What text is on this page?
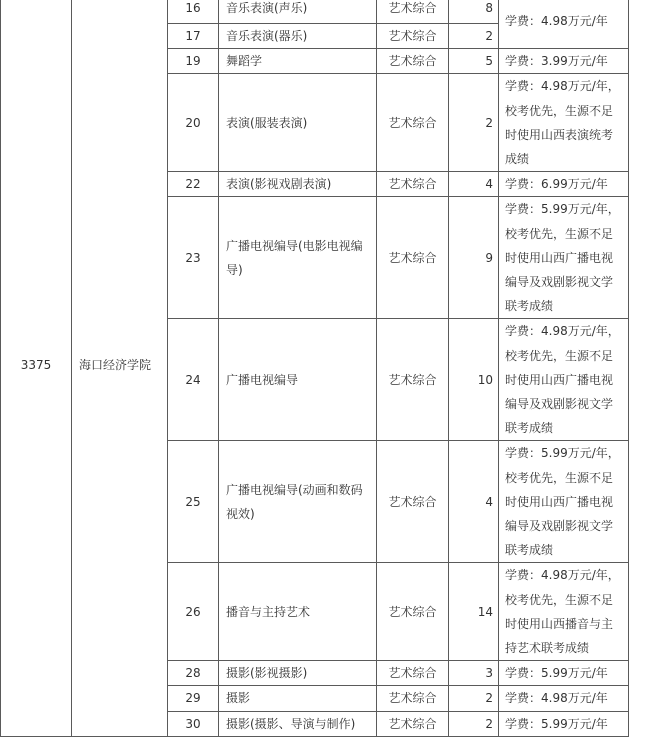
3375	海口经济学院	16	音乐表演(声乐)	艺术综合	8	学费：4.98万元/年
		17	音乐表演(器乐)	艺术综合	2	
		19	舞蹈学	艺术综合	5	学费：3.99万元/年
		20	表演(服装表演)	艺术综合	2	学费：4.98万元/年，校考优先，生源不足时使用山西表演统考成绩
		22	表演(影视戏剧表演)	艺术综合	4	学费：6.99万元/年
		23	广播电视编导(电影电视编导)	艺术综合	9	学费：5.99万元/年，校考优先，生源不足时使用山西广播电视编导及戏剧影视文学联考成绩
		24	广播电视编导	艺术综合	10	学费：4.98万元/年，校考优先，生源不足时使用山西广播电视编导及戏剧影视文学联考成绩
		25	广播电视编导(动画和数码视效)	艺术综合	4	学费：5.99万元/年，校考优先，生源不足时使用山西广播电视编导及戏剧影视文学联考成绩
		26	播音与主持艺术	艺术综合	14	学费：4.98万元/年，校考优先，生源不足时使用山西播音与主持艺术联考成绩
		28	摄影(影视摄影)	艺术综合	3	学费：5.99万元/年
		29	摄影	艺术综合	2	学费：4.98万元/年
		30	摄影(摄影、导演与制作)	艺术综合	2	学费：5.99万元/年
